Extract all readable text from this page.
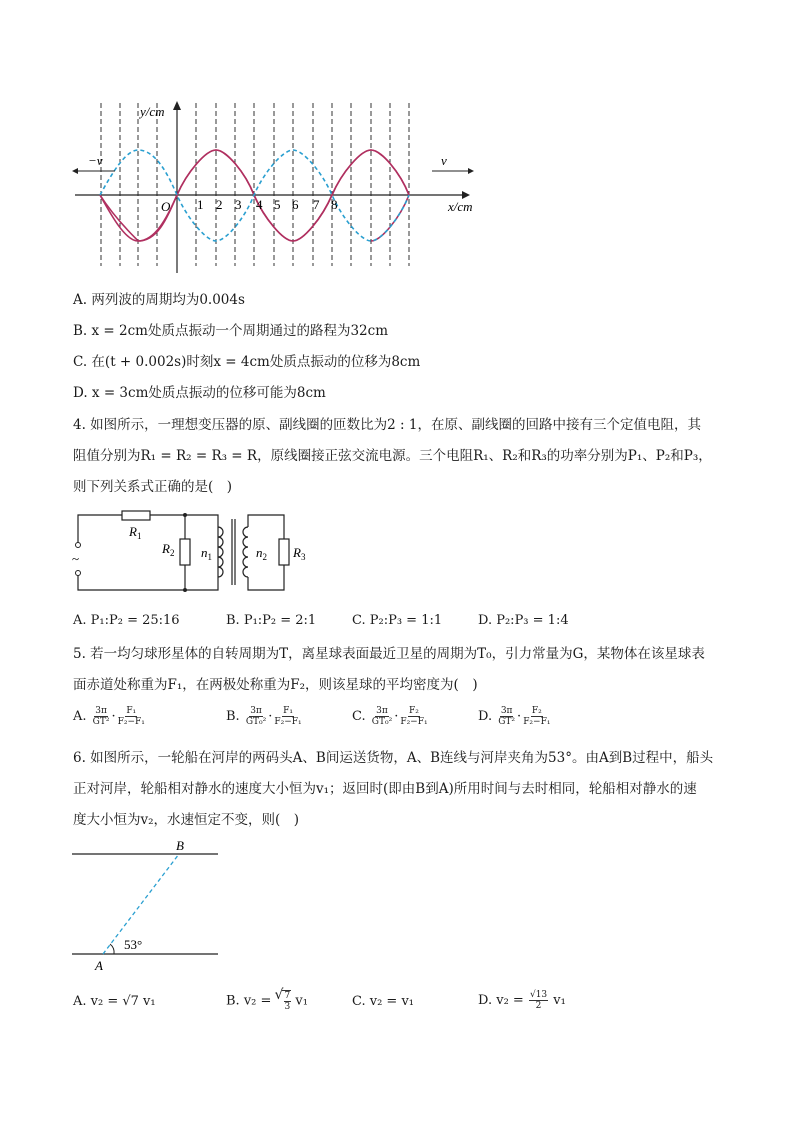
−v	v
y/cm
x/cm
O 1 2 3 4 5 6 7 8
A. 两列波的周期均为0.004s
B. x = 2cm处质点振动一个周期通过的路程为32cm
C. 在(t + 0.002s)时刻x = 4cm处质点振动的位移为8cm
D. x = 3cm处质点振动的位移可能为8cm
4. 如图所示，一理想变压器的原、副线圈的匝数比为2 : 1，在原、副线圈的回路中接有三个定值电阻，其
阻值分别为R₁ = R₂ = R₃ = R，原线圈接正弦交流电源。三个电阻R₁、R₂和R₃的功率分别为P₁、P₂和P₃，
则下列关系式正确的是(　)
~
$R_1$
$R_2$ $n_1$	$n_2$ $R_3$
A. P₁:P₂ = 25:16	B. P₁:P₂ = 2:1	C. P₂:P₃ = 1:1	D. P₂:P₃ = 1:4
5. 若一均匀球形星体的自转周期为T，离星球表面最近卫星的周期为T₀，引力常量为G，某物体在该星球表
面赤道处称重为F₁，在两极处称重为F₂，则该星球的平均密度为(　)
A. $\frac{3\pi}{\text{GT²}} \cdot \frac{\text{F₁}}{\text{F₂−F₁}}$	B. $\frac{3\pi}{\text{GT₀²}} \cdot \frac{\text{F₁}}{\text{F₂−F₁}}$	C. $\frac{3\pi}{\text{GT₀²}} \cdot \frac{\text{F₂}}{\text{F₂−F₁}}$	D. $\frac{3\pi}{\text{GT²}} \cdot \frac{\text{F₂}}{\text{F₂−F₁}}$
6. 如图所示，一轮船在河岸的两码头A、B间运送货物，A、B连线与河岸夹角为53°。由A到B过程中，船头
正对河岸，轮船相对静水的速度大小恒为v₁；返回时(即由B到A)所用时间与去时相同，轮船相对静水的速
度大小恒为v₂，水速恒定不变，则(　)
B
A
53°
A. v₂ = √7 v₁	B. v₂ = √ $\frac{7}{3} v_1$	C. v₂ = v₁	D. $v_2 = \frac{√13}{2} v_1$
